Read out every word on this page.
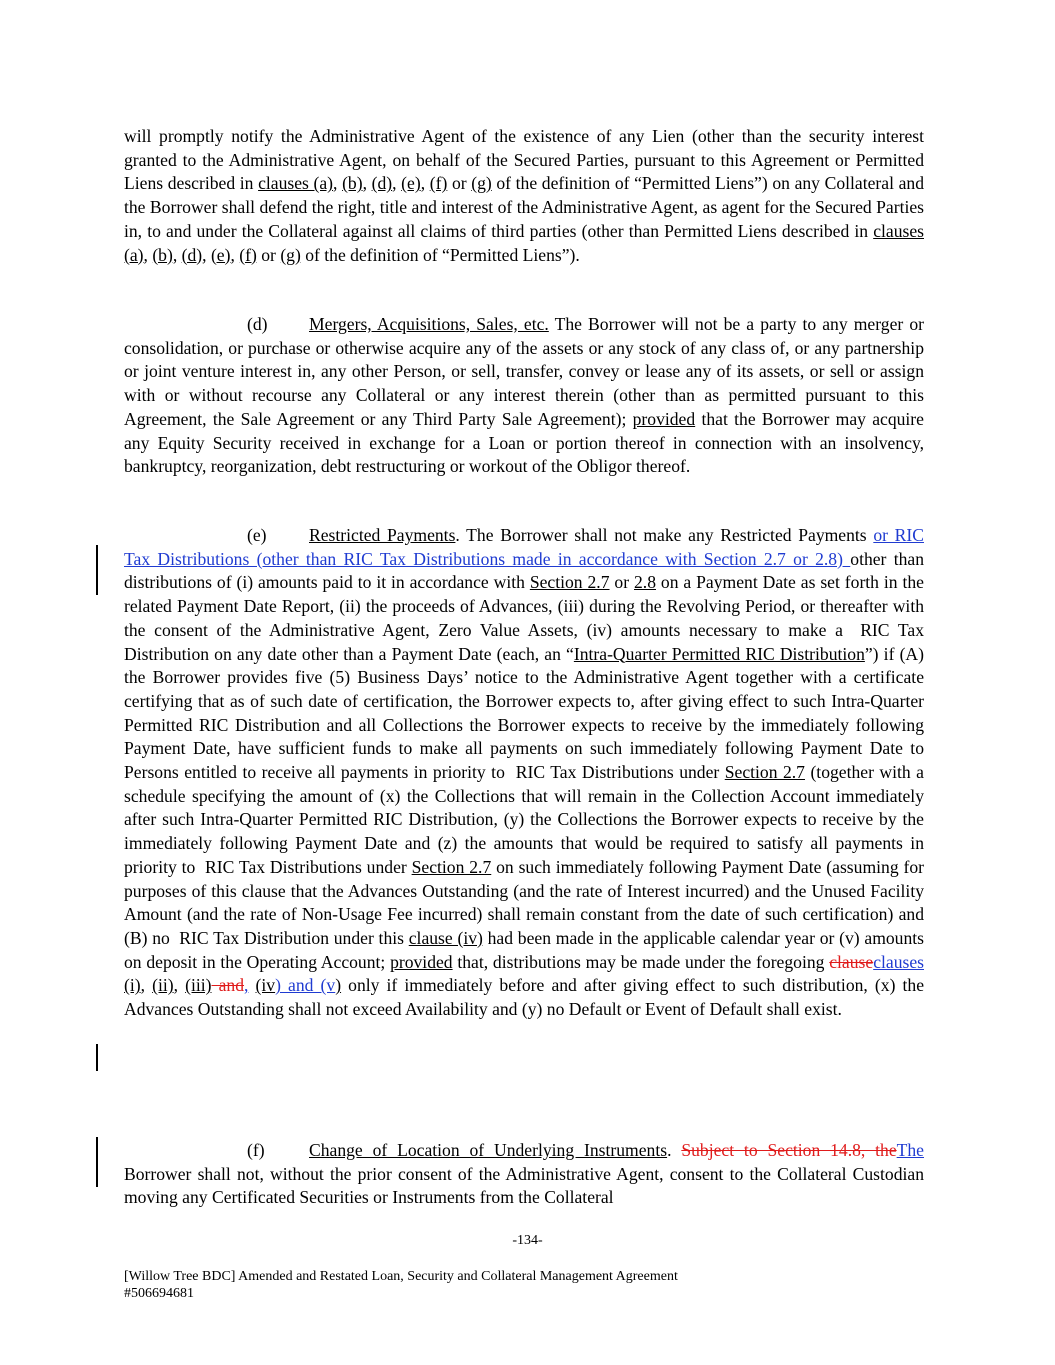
will promptly notify the Administrative Agent of the existence of any Lien (other than the security interest granted to the Administrative Agent, on behalf of the Secured Parties, pursuant to this Agreement or Permitted Liens described in clauses (a), (b), (d), (e), (f) or (g) of the definition of “Permitted Liens”) on any Collateral and the Borrower shall defend the right, title and interest of the Administrative Agent, as agent for the Secured Parties in, to and under the Collateral against all claims of third parties (other than Permitted Liens described in clauses (a), (b), (d), (e), (f) or (g) of the definition of “Permitted Liens”).

(d) Mergers, Acquisitions, Sales, etc. The Borrower will not be a party to any merger or consolidation, or purchase or otherwise acquire any of the assets or any stock of any class of, or any partnership or joint venture interest in, any other Person, or sell, transfer, convey or lease any of its assets, or sell or assign with or without recourse any Collateral or any interest therein (other than as permitted pursuant to this Agreement, the Sale Agreement or any Third Party Sale Agreement); provided that the Borrower may acquire any Equity Security received in exchange for a Loan or portion thereof in connection with an insolvency, bankruptcy, reorganization, debt restructuring or workout of the Obligor thereof.

(e) Restricted Payments. The Borrower shall not make any Restricted Payments or RIC Tax Distributions (other than RIC Tax Distributions made in accordance with Section 2.7 or 2.8) other than distributions of (i) amounts paid to it in accordance with Section 2.7 or 2.8 on a Payment Date as set forth in the related Payment Date Report, (ii) the proceeds of Advances, (iii) during the Revolving Period, or thereafter with the consent of the Administrative Agent, Zero Value Assets, (iv) amounts necessary to make a  RIC Tax Distribution on any date other than a Payment Date (each, an “Intra-Quarter Permitted RIC Distribution”) if (A) the Borrower provides five (5) Business Days’ notice to the Administrative Agent together with a certificate certifying that as of such date of certification, the Borrower expects to, after giving effect to such Intra-Quarter Permitted RIC Distribution and all Collections the Borrower expects to receive by the immediately following Payment Date, have sufficient funds to make all payments on such immediately following Payment Date to Persons entitled to receive all payments in priority to  RIC Tax Distributions under Section 2.7 (together with a schedule specifying the amount of (x) the Collections that will remain in the Collection Account immediately after such Intra-Quarter Permitted RIC Distribution, (y) the Collections the Borrower expects to receive by the immediately following Payment Date and (z) the amounts that would be required to satisfy all payments in priority to  RIC Tax Distributions under Section 2.7 on such immediately following Payment Date (assuming for purposes of this clause that the Advances Outstanding (and the rate of Interest incurred) and the Unused Facility Amount (and the rate of Non-Usage Fee incurred) shall remain constant from the date of such certification) and (B) no  RIC Tax Distribution under this clause (iv) had been made in the applicable calendar year or (v) amounts on deposit in the Operating Account; provided that, distributions may be made under the foregoing clauseclauses (i), (ii), (iii) and, (iv) and (v) only if immediately before and after giving effect to such distribution, (x) the Advances Outstanding shall not exceed Availability and (y) no Default or Event of Default shall exist.

(f)	Change of Location of Underlying Instruments. Subject to Section 14.8, theThe Borrower shall not, without the prior consent of the Administrative Agent, consent to the Collateral Custodian moving any Certificated Securities or Instruments from the Collateral

-134-
[Willow Tree BDC] Amended and Restated Loan, Security and Collateral Management Agreement
#506694681
